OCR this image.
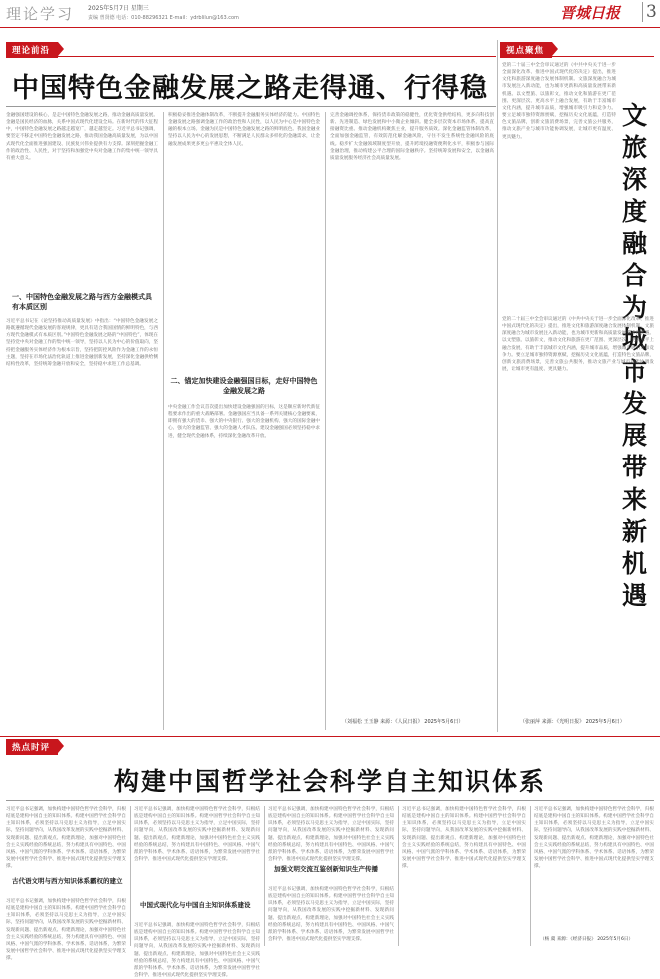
理论学习 2025年5月7日 星期三
责编 曾贤德 电话：010-88296321 E-mail：ydrblilun@163.com	晋城日报 3
理论前沿
中国特色金融发展之路走得通、行得稳
金融强国建设的核心，是走中国特色金融发展之路，推动金融高质量发展。金融是国民经济的血脉，关系中国式现代化建设全局。在新时代的伟大征程中，中国特色金融发展之路越走越宽广，越走越坚定。习近平总书记强调，要坚定不移走中国特色金融发展之路，推动我国金融高质量发展，为以中国式现代化全面推进强国建设、民族复兴伟业提供有力支撑。深刻把握金融工作的政治性、人民性，对于坚持和加强党中央对金融工作的集中统一领导具有重大意义。
一、中国特色金融发展之路与西方金融模式具有本质区别
习近平总书记在《论坚持推动高质量发展》中指出：“中国特色金融发展之路既遵循现代金融发展的客观规律，更具有适合我国国情的鲜明特色，与西方现代金融模式有本质区别。”中国特色金融发展之路的“中国特色”，体现在坚持党中央对金融工作的集中统一领导，坚持以人民为中心的价值取向，坚持把金融服务实体经济作为根本宗旨，坚持把防控风险作为金融工作的永恒主题，坚持在市场化法治化轨道上推进金融创新发展，坚持深化金融供给侧结构性改革，坚持统筹金融开放和安全，坚持稳中求进工作总基调。
积极稳妥推进金融体制改革，不断提升金融服务实体经济的能力。中国特色金融发展之路强调金融工作的政治性和人民性，以人民为中心是中国特色金融的根本立场。金融为民是中国特色金融发展之路的鲜明底色。我国金融业坚持以人民为中心的发展思想，不断满足人民群众多样化的金融需求，让金融发展成果更多更公平惠及全体人民。
二、锚定加快建设金融强国目标，走好中国特色金融发展之路
中央金融工作会议首次提出加快建设金融强国的目标，这是顺应新时代新征程要求作出的重大战略部署。金融强国应当具备一系列关键核心金融要素，即拥有强大的货币、强大的中央银行、强大的金融机构、强大的国际金融中心、强大的金融监管、强大的金融人才队伍。建设金融强国必须坚持稳中求进，健全现代金融体系，持续深化金融改革开放。
完善金融调控体系，保持货币政策的稳健性，优化资金供给结构，更多向科技创新、先进制造、绿色发展和中小微企业倾斜。健全多层次资本市场体系，提高直接融资比重。推动金融机构聚焦主业，提升服务质效。深化金融监管体制改革，全面加强金融监管，有效防范化解金融风险，守住不发生系统性金融风险的底线。稳步扩大金融领域制度型开放，提升跨境投融资便利化水平，积极参与国际金融治理，推动构建公平合理的国际金融秩序。坚持统筹发展和安全，以金融高质量发展服务经济社会高质量发展。
（刘福松 王玉静 来源：《人民日报》 2025年5月6日）
视点聚焦
党的二十届三中全会审议通过的《中共中央关于进一步全面深化改革、推进中国式现代化的决定》提出，推进文化和旅游深度融合发展体制机制。文旅深度融合为城市发展注入新动能，也为城市更新和高质量发展带来新机遇。以文塑旅、以旅彰文，推动文化和旅游在更广范围、更深层次、更高水平上融合发展，有助于丰富城市文化内涵，提升城市品质，增强城市吸引力和竞争力。要立足城市独特资源禀赋，挖掘历史文化底蕴，打造特色文旅品牌，创新文旅消费场景，完善文旅公共服务，推动文旅产业与城市功能协调发展，让城市更有温度、更具魅力。
文旅深度融合为城市发展带来新机遇
党的二十届三中全会审议通过的《中共中央关于进一步全面深化改革、推进中国式现代化的决定》提出，推进文化和旅游深度融合发展体制机制。文旅深度融合为城市发展注入新动能，也为城市更新和高质量发展带来新机遇。以文塑旅、以旅彰文，推动文化和旅游在更广范围、更深层次、更高水平上融合发展，有助于丰富城市文化内涵，提升城市品质，增强城市吸引力和竞争力。要立足城市独特资源禀赋，挖掘历史文化底蕴，打造特色文旅品牌，创新文旅消费场景，完善文旅公共服务，推动文旅产业与城市功能协调发展，让城市更有温度、更具魅力。
（张丽萍 来源：《光明日报》 2025年5月6日）
热点时评
构建中国哲学社会科学自主知识体系
习近平总书记强调，加快构建中国特色哲学社会科学，归根结底是建构中国自主的知识体系。构建中国哲学社会科学自主知识体系，必须坚持以马克思主义为指导，立足中国实际，坚持问题导向，从我国改革发展的实践中挖掘新材料、发现新问题、提出新观点、构建新理论，加强对中国特色社会主义实践经验的系统总结，努力构建具有中国特色、中国风格、中国气派的学科体系、学术体系、话语体系，为繁荣发展中国哲学社会科学、推进中国式现代化提供坚实学理支撑。
古代语文明与西方知识体系霸权的建立
习近平总书记强调，加快构建中国特色哲学社会科学，归根结底是建构中国自主的知识体系。构建中国哲学社会科学自主知识体系，必须坚持以马克思主义为指导，立足中国实际，坚持问题导向，从我国改革发展的实践中挖掘新材料、发现新问题、提出新观点、构建新理论，加强对中国特色社会主义实践经验的系统总结，努力构建具有中国特色、中国风格、中国气派的学科体系、学术体系、话语体系，为繁荣发展中国哲学社会科学、推进中国式现代化提供坚实学理支撑。
习近平总书记强调，加快构建中国特色哲学社会科学，归根结底是建构中国自主的知识体系。构建中国哲学社会科学自主知识体系，必须坚持以马克思主义为指导，立足中国实际，坚持问题导向，从我国改革发展的实践中挖掘新材料、发现新问题、提出新观点、构建新理论，加强对中国特色社会主义实践经验的系统总结，努力构建具有中国特色、中国风格、中国气派的学科体系、学术体系、话语体系，为繁荣发展中国哲学社会科学、推进中国式现代化提供坚实学理支撑。
中国式现代化与中国自主知识体系建设
习近平总书记强调，加快构建中国特色哲学社会科学，归根结底是建构中国自主的知识体系。构建中国哲学社会科学自主知识体系，必须坚持以马克思主义为指导，立足中国实际，坚持问题导向，从我国改革发展的实践中挖掘新材料、发现新问题、提出新观点、构建新理论，加强对中国特色社会主义实践经验的系统总结，努力构建具有中国特色、中国风格、中国气派的学科体系、学术体系、话语体系，为繁荣发展中国哲学社会科学、推进中国式现代化提供坚实学理支撑。
习近平总书记强调，加快构建中国特色哲学社会科学，归根结底是建构中国自主的知识体系。构建中国哲学社会科学自主知识体系，必须坚持以马克思主义为指导，立足中国实际，坚持问题导向，从我国改革发展的实践中挖掘新材料、发现新问题、提出新观点、构建新理论，加强对中国特色社会主义实践经验的系统总结，努力构建具有中国特色、中国风格、中国气派的学科体系、学术体系、话语体系，为繁荣发展中国哲学社会科学、推进中国式现代化提供坚实学理支撑。
加强文明交流互鉴创新知识生产传播
习近平总书记强调，加快构建中国特色哲学社会科学，归根结底是建构中国自主的知识体系。构建中国哲学社会科学自主知识体系，必须坚持以马克思主义为指导，立足中国实际，坚持问题导向，从我国改革发展的实践中挖掘新材料、发现新问题、提出新观点、构建新理论，加强对中国特色社会主义实践经验的系统总结，努力构建具有中国特色、中国风格、中国气派的学科体系、学术体系、话语体系，为繁荣发展中国哲学社会科学、推进中国式现代化提供坚实学理支撑。
习近平总书记强调，加快构建中国特色哲学社会科学，归根结底是建构中国自主的知识体系。构建中国哲学社会科学自主知识体系，必须坚持以马克思主义为指导，立足中国实际，坚持问题导向，从我国改革发展的实践中挖掘新材料、发现新问题、提出新观点、构建新理论，加强对中国特色社会主义实践经验的系统总结，努力构建具有中国特色、中国风格、中国气派的学科体系、学术体系、话语体系，为繁荣发展中国哲学社会科学、推进中国式现代化提供坚实学理支撑。
习近平总书记强调，加快构建中国特色哲学社会科学，归根结底是建构中国自主的知识体系。构建中国哲学社会科学自主知识体系，必须坚持以马克思主义为指导，立足中国实际，坚持问题导向，从我国改革发展的实践中挖掘新材料、发现新问题、提出新观点、构建新理论，加强对中国特色社会主义实践经验的系统总结，努力构建具有中国特色、中国风格、中国气派的学科体系、学术体系、话语体系，为繁荣发展中国哲学社会科学、推进中国式现代化提供坚实学理支撑。
（杨 虞 来源：《经济日报》 2025年5月6日）
